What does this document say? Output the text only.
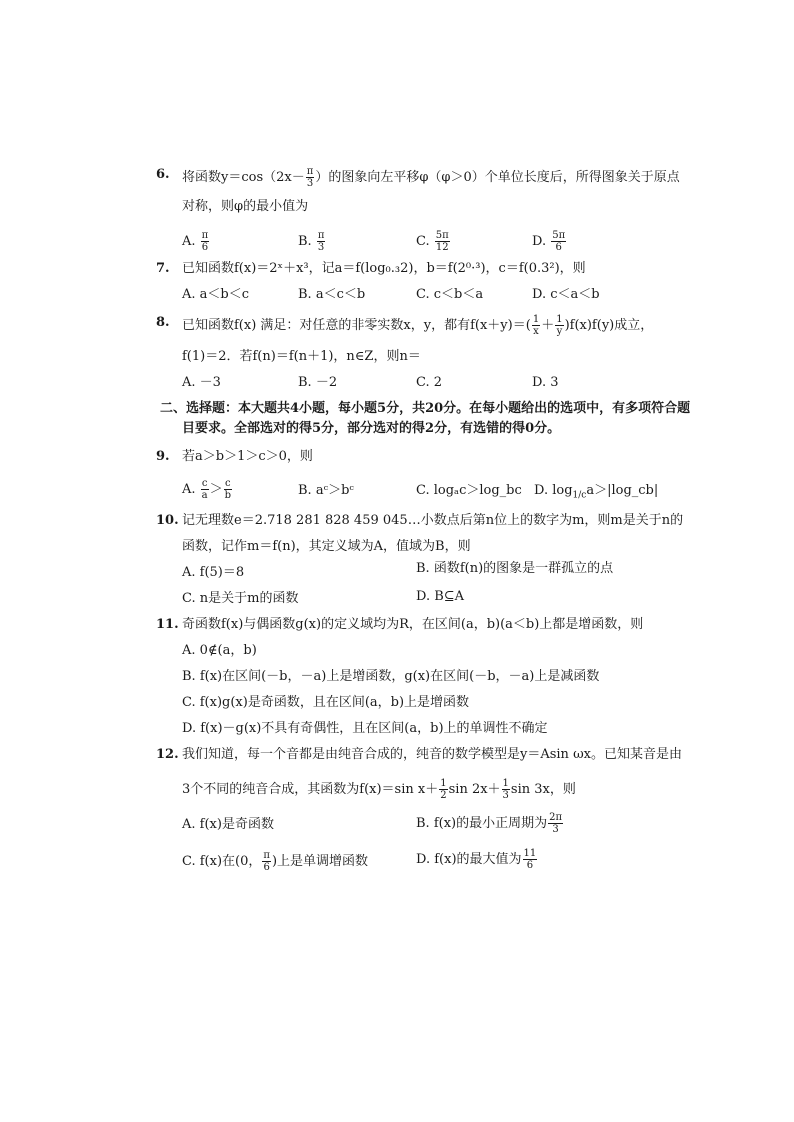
6. 将函数$y=\cos(2x- \frac{\pi}{3}$ ）的图象向左平移φ（φ＞0）个单位长度后，所得图象关于原点
对称，则φ的最小值为
A. $\frac{\pi}{6}$	B. $\frac{\pi}{3}$	C. $\frac{5\pi}{12}$	D. $\frac{5\pi}{6}$
7. 已知函数f(x)＝2ˣ＋x³，记a＝f(log₀.₃2)，b＝f(2⁰·³)，c＝f(0.3²)，则
A. a＜b＜c	B. a＜c＜b	C. c＜b＜a	D. c＜a＜b
8. 已知函数f(x) 满足：对任意的非零实数x，y，都有$f(x+y)=( \frac{1}{x} + \frac{1}{y} )f(x)f(y)$成立，
f(1)＝2．若f(n)＝f(n＋1)，n∈Z，则n＝
A. －3	B. －2	C. 2	D. 3
二、选择题：本大题共4小题，每小题5分，共20分。在每小题给出的选项中，有多项符合题
目要求。全部选对的得5分，部分选对的得2分，有选错的得0分。
9. 若a＞b＞1＞c＞0，则
A. $\frac{c}{a} > \frac{c}{b}$	B. aᶜ＞bᶜ	C. logₐc＞log_bc D. $\log_{1/c}a>|\log\_cb|$
10. 记无理数e＝2.718 281 828 459 045…小数点后第n位上的数字为m，则m是关于n的
函数，记作m＝f(n)，其定义域为A，值域为B，则
A. f(5)＝8	B. 函数f(n)的图象是一群孤立的点
C. n是关于m的函数	D. B⊆A
11. 奇函数f(x)与偶函数g(x)的定义域均为R，在区间(a，b)(a＜b)上都是增函数，则
A. 0∉(a，b)
B. f(x)在区间(－b，－a)上是增函数，g(x)在区间(－b，－a)上是减函数
C. f(x)g(x)是奇函数，且在区间(a，b)上是增函数
D. f(x)－g(x)不具有奇偶性，且在区间(a，b)上的单调性不确定
12. 我们知道，每一个音都是由纯音合成的，纯音的数学模型是y＝Asin ωx。已知某音是由
3个不同的纯音合成，其函数为f(x)＝sin $x+ \frac{1}{2}$ $\sin 2x+ \frac{1}{3}$ sin 3x，则
A. f(x)是奇函数	B. f(x)的最小正周期为 $\frac{2\pi}{3}$
C. f(x)在(0， $\frac{\pi}{6}$ )上是单调增函数	D. f(x)的最大值为 $\frac{11}{6}$
